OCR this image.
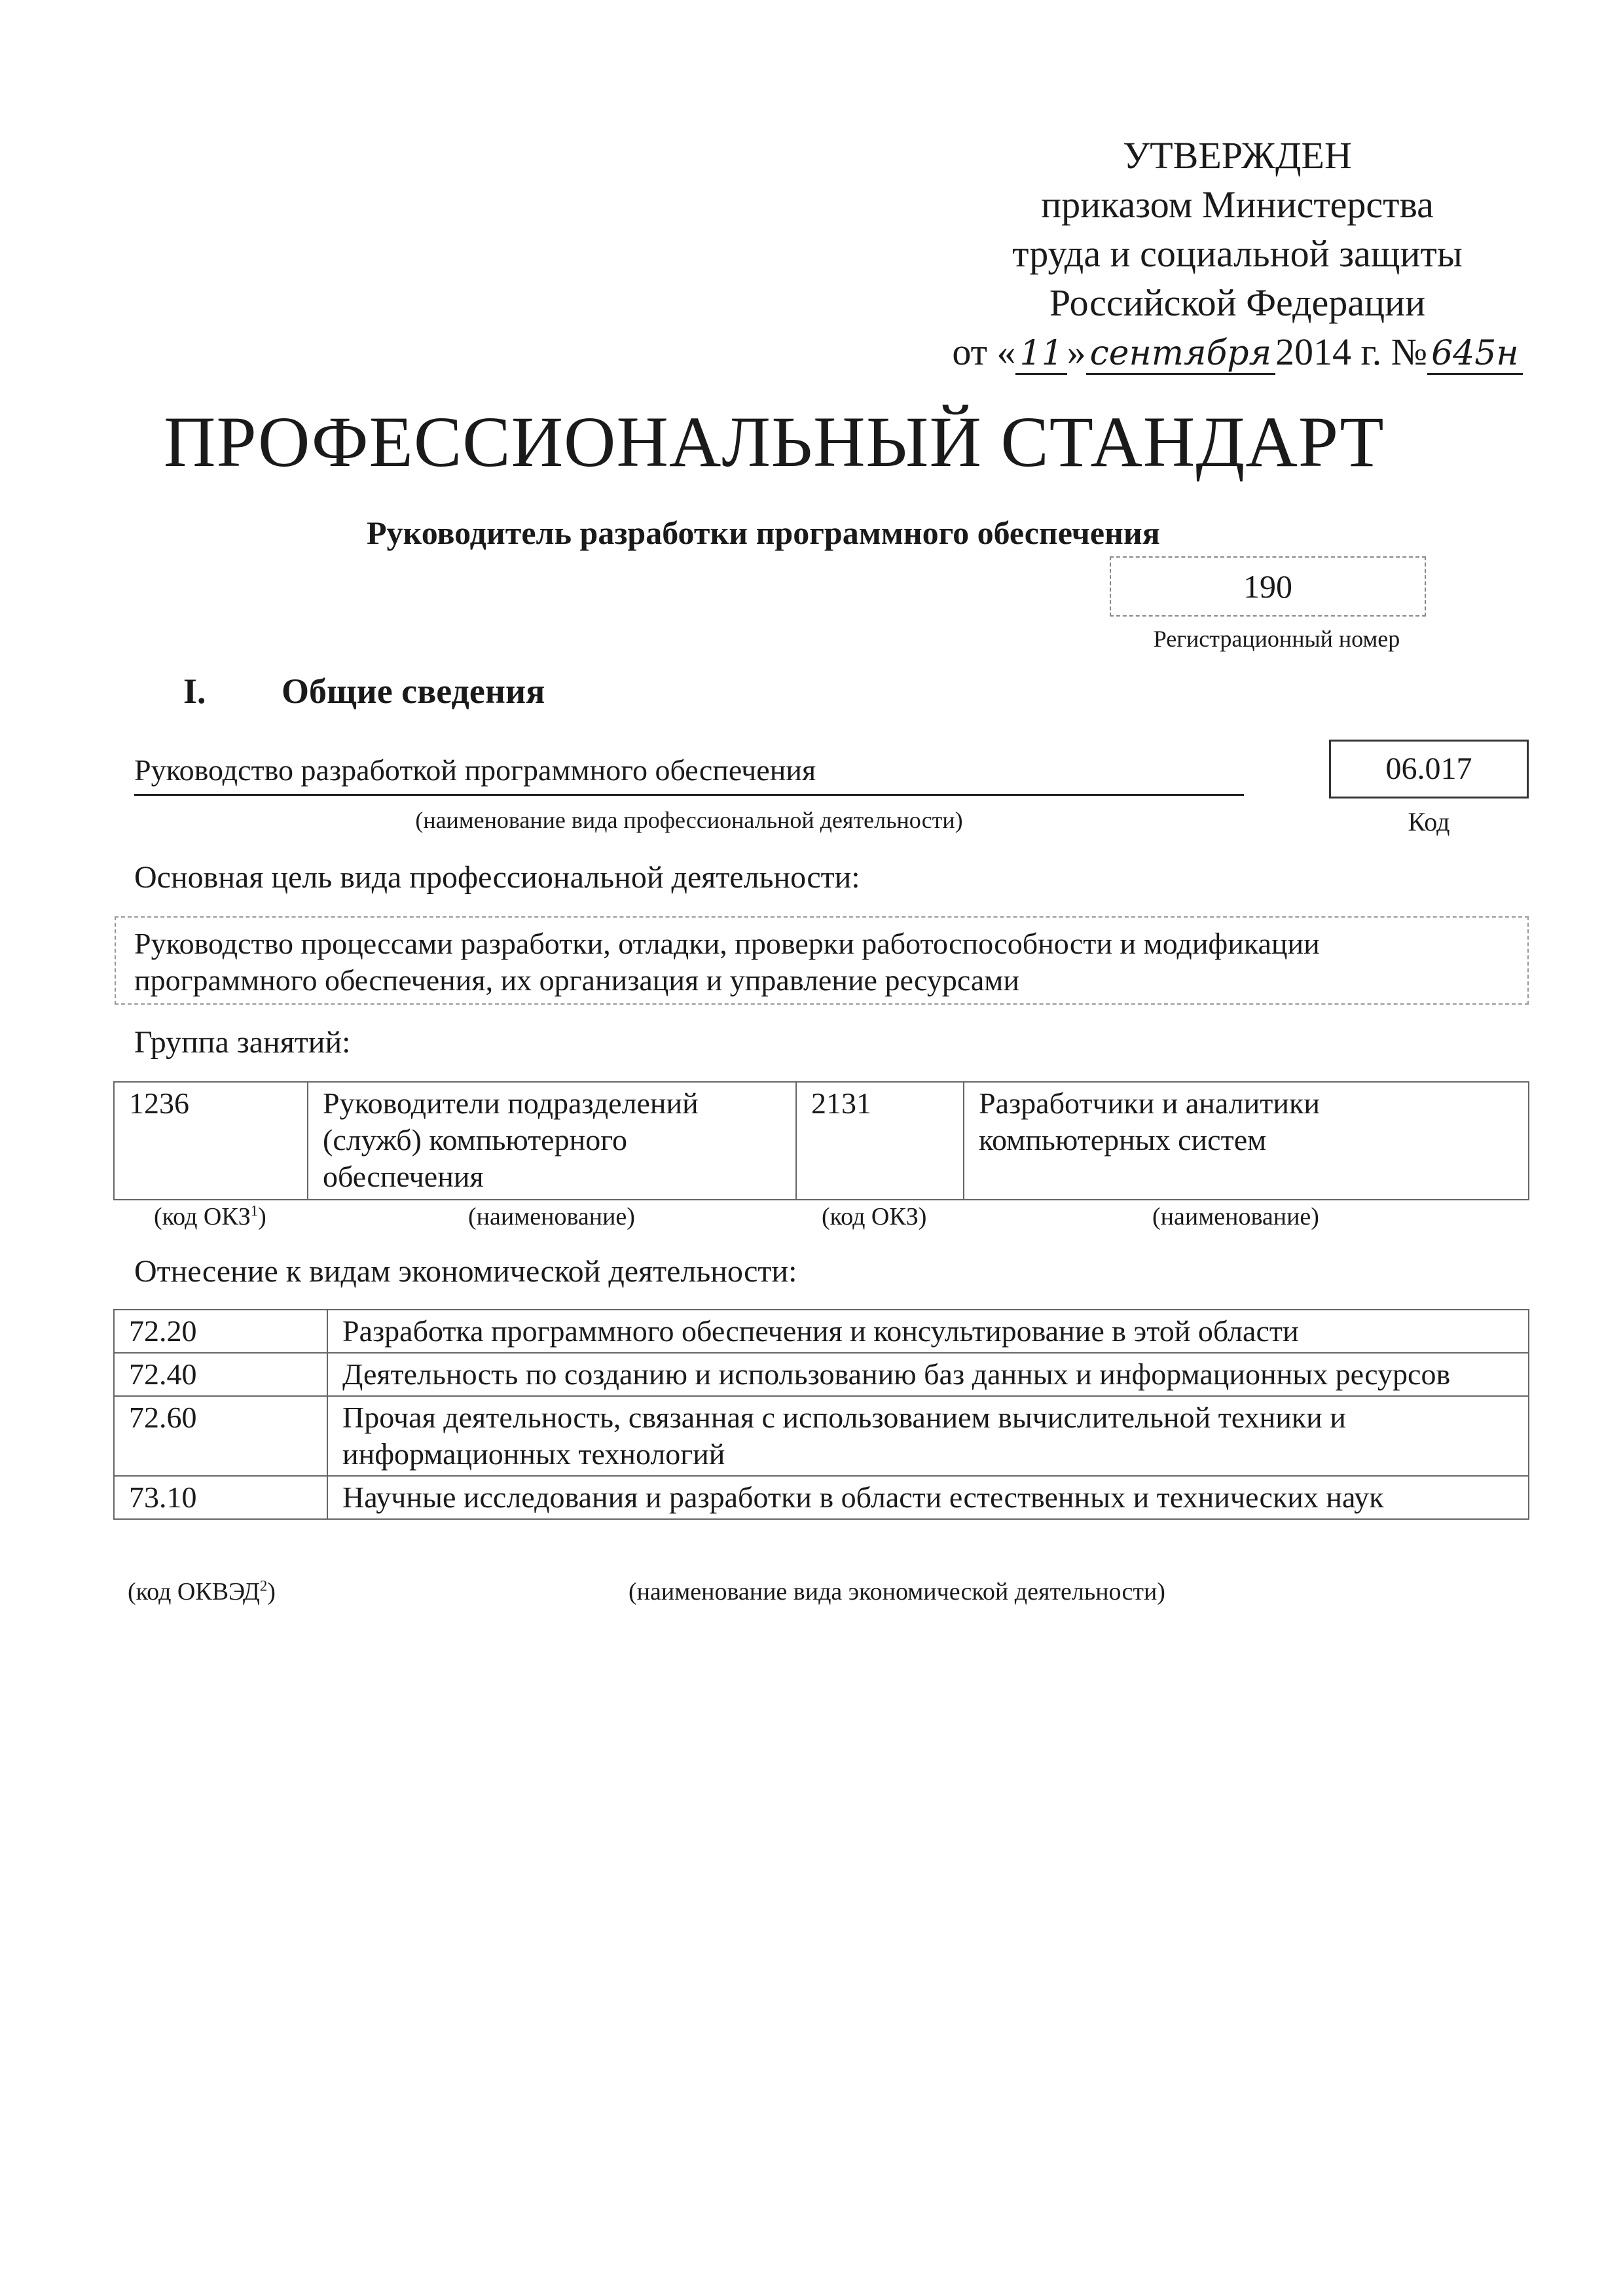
УТВЕРЖДЕН
приказом Министерства
труда и социальной защиты
Российской Федерации
от « 11 » сентября 2014 г. № 645н
ПРОФЕССИОНАЛЬНЫЙ СТАНДАРТ
Руководитель разработки программного обеспечения
190
Регистрационный номер
I. Общие сведения
Руководство разработкой программного обеспечения
(наименование вида профессиональной деятельности)
06.017
Код
Основная цель вида профессиональной деятельности:
Руководство процессами разработки, отладки, проверки работоспособности и модификации программного обеспечения, их организация и управление ресурсами
Группа занятий:
1236	Руководители подразделений (служб) компьютерного обеспечения	2131	Разработчики и аналитики компьютерных систем
(код ОКЗ$^1$)	(наименование)	(код ОКЗ)	(наименование)
Отнесение к видам экономической деятельности:
72.20	Разработка программного обеспечения и консультирование в этой области
72.40	Деятельность по созданию и использованию баз данных и информационных ресурсов
72.60	Прочая деятельность, связанная с использованием вычислительной техники и информационных технологий
73.10	Научные исследования и разработки в области естественных и технических наук
(код ОКВЭД$^2$)	(наименование вида экономической деятельности)
